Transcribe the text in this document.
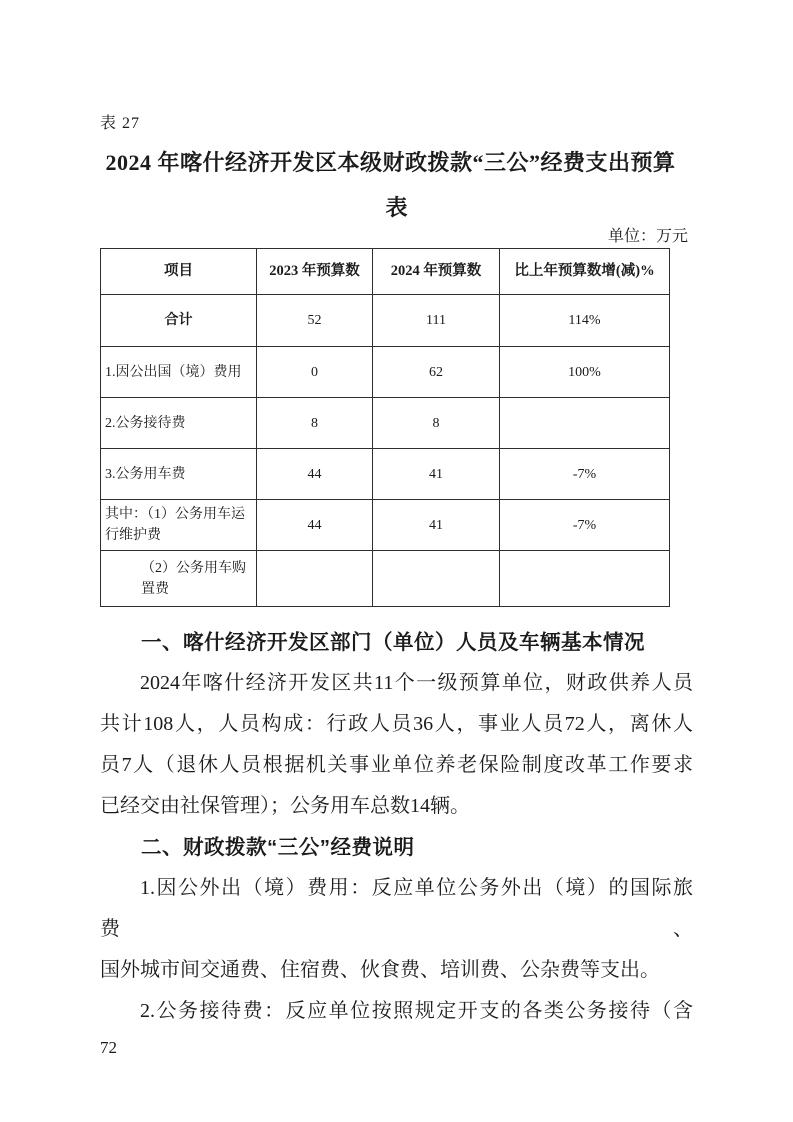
表 27
2024 年喀什经济开发区本级财政拨款“三公”经费支出预算
表
单位：万元
项目	2023 年预算数	2024 年预算数	比上年预算数增(减)%
合计	52	111	114%
1.因公出国（境）费用	0	62	100%
2.公务接待费	8	8	
3.公务用车费	44	41	-7%
其中：（1）公务用车运行维护费	44	41	-7%
（2）公务用车购置费			
一、喀什经济开发区部门（单位）人员及车辆基本情况
2024年喀什经济开发区共11个一级预算单位，财政供养人员
共计108人，人员构成：行政人员36人，事业人员72人，离休人
员7人（退休人员根据机关事业单位养老保险制度改革工作要求
已经交由社保管理）；公务用车总数14辆。
二、财政拨款“三公”经费说明
1.因公外出（境）费用：反应单位公务外出（境）的国际旅费、
国外城市间交通费、住宿费、伙食费、培训费、公杂费等支出。
2.公务接待费：反应单位按照规定开支的各类公务接待（含
72
